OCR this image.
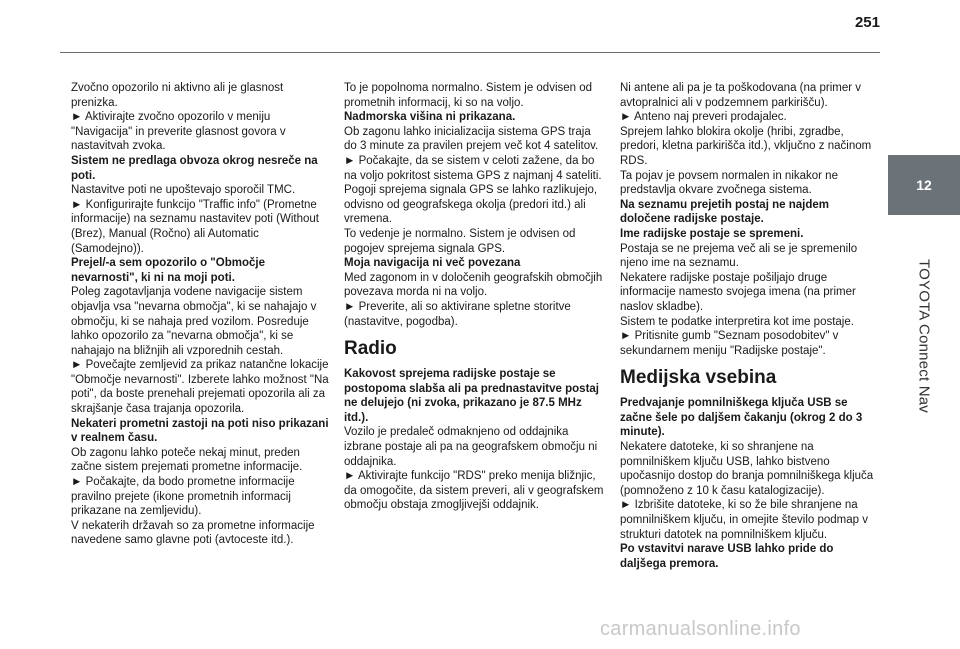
251
12
TOYOTA Connect Nav

Zvočno opozorilo ni aktivno ali je glasnost prenizka.

► Aktivirajte zvočno opozorilo v meniju "Navigacija" in preverite glasnost govora v nastavitvah zvoka.

Sistem ne predlaga obvoza okrog nesreče na poti.

Nastavitve poti ne upoštevajo sporočil TMC.

► Konfigurirajte funkcijo "Traffic info" (Prometne informacije) na seznamu nastavitev poti (Without (Brez), Manual (Ročno) ali Automatic (Samodejno)).

Prejel/-a sem opozorilo o "Območje nevarnosti", ki ni na moji poti.

Poleg zagotavljanja vodene navigacije sistem objavlja vsa "nevarna območja", ki se nahajajo v območju, ki se nahaja pred vozilom. Posreduje lahko opozorilo za "nevarna območja", ki se nahajajo na bližnjih ali vzporednih cestah.

► Povečajte zemljevid za prikaz natančne lokacije "Območje nevarnosti". Izberete lahko možnost "Na poti", da boste prenehali prejemati opozorila ali za skrajšanje časa trajanja opozorila.

Nekateri prometni zastoji na poti niso prikazani v realnem času.

Ob zagonu lahko poteče nekaj minut, preden začne sistem prejemati prometne informacije.

► Počakajte, da bodo prometne informacije pravilno prejete (ikone prometnih informacij prikazane na zemljevidu).

V nekaterih državah so za prometne informacije navedene samo glavne poti (avtoceste itd.).

To je popolnoma normalno. Sistem je odvisen od prometnih informacij, ki so na voljo.

Nadmorska višina ni prikazana.

Ob zagonu lahko inicializacija sistema GPS traja do 3 minute za pravilen prejem več kot 4 satelitov.

► Počakajte, da se sistem v celoti zažene, da bo na voljo pokritost sistema GPS z najmanj 4 sateliti.

Pogoji sprejema signala GPS se lahko razlikujejo, odvisno od geografskega okolja (predori itd.) ali vremena.

To vedenje je normalno. Sistem je odvisen od pogojev sprejema signala GPS.

Moja navigacija ni več povezana

Med zagonom in v določenih geografskih območjih povezava morda ni na voljo.

► Preverite, ali so aktivirane spletne storitve (nastavitve, pogodba).

Radio

Kakovost sprejema radijske postaje se postopoma slabša ali pa prednastavitve postaj ne delujejo (ni zvoka, prikazano je 87.5 MHz itd.).

Vozilo je predaleč odmaknjeno od oddajnika izbrane postaje ali pa na geografskem območju ni oddajnika.

► Aktivirajte funkcijo "RDS" preko menija bližnjic, da omogočite, da sistem preveri, ali v geografskem območju obstaja zmogljivejši oddajnik.

Ni antene ali pa je ta poškodovana (na primer v avtopralnici ali v podzemnem parkirišču).

► Anteno naj preveri prodajalec.

Sprejem lahko blokira okolje (hribi, zgradbe, predori, kletna parkirišča itd.), vključno z načinom RDS.

Ta pojav je povsem normalen in nikakor ne predstavlja okvare zvočnega sistema.

Na seznamu prejetih postaj ne najdem določene radijske postaje.

Ime radijske postaje se spremeni.

Postaja se ne prejema več ali se je spremenilo njeno ime na seznamu.

Nekatere radijske postaje pošiljajo druge informacije namesto svojega imena (na primer naslov skladbe).

Sistem te podatke interpretira kot ime postaje.

► Pritisnite gumb "Seznam posodobitev" v sekundarnem meniju "Radijske postaje".

Medijska vsebina

Predvajanje pomnilniškega ključa USB se začne šele po daljšem čakanju (okrog 2 do 3 minute).

Nekatere datoteke, ki so shranjene na pomnilniškem ključu USB, lahko bistveno upočasnijo dostop do branja pomnilniškega ključa (pomnoženo z 10 k času katalogizacije).

► Izbrišite datoteke, ki so že bile shranjene na pomnilniškem ključu, in omejite število podmap v strukturi datotek na pomnilniškem ključu.

Po vstavitvi narave USB lahko pride do daljšega premora.

carmanualsonline.info
